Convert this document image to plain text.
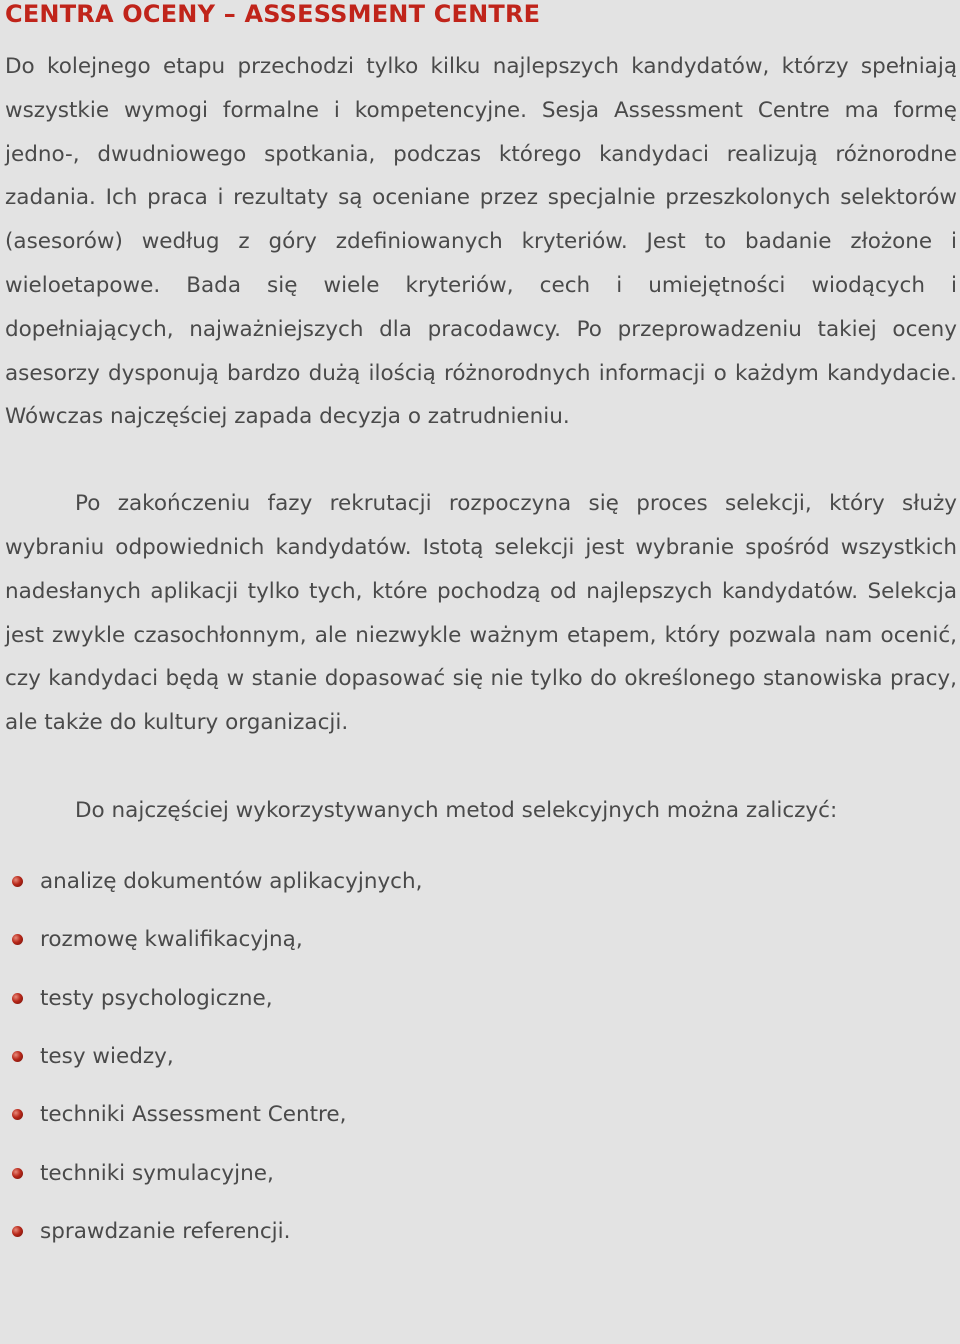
CENTRA OCENY – ASSESSMENT CENTRE

Do kolejnego etapu przechodzi tylko kilku najlepszych kandydatów, którzy spełniają wszystkie wymogi formalne i kompetencyjne. Sesja Assessment Centre ma formę jedno-, dwudniowego spotkania, podczas którego kandydaci realizują różnorodne zadania. Ich praca i rezultaty są oceniane przez specjalnie przeszkolonych selektorów (asesorów) według z góry zdefiniowanych kryteriów. Jest to badanie złożone i wieloetapowe. Bada się wiele kryteriów, cech i umiejętności wiodących i dopełniających, najważniejszych dla pracodawcy. Po przeprowadzeniu takiej oceny asesorzy dysponują bardzo dużą ilością różnorodnych informacji o każdym kandydacie. Wówczas najczęściej zapada decyzja o zatrudnieniu.

Po zakończeniu fazy rekrutacji rozpoczyna się proces selekcji, który służy wybraniu odpowiednich kandydatów. Istotą selekcji jest wybranie spośród wszystkich nadesłanych aplikacji tylko tych, które pochodzą od najlepszych kandydatów. Selekcja jest zwykle czasochłonnym, ale niezwykle ważnym etapem, który pozwala nam ocenić, czy kandydaci będą w stanie dopasować się nie tylko do określonego stanowiska pracy, ale także do kultury organizacji.

Do najczęściej wykorzystywanych metod selekcyjnych można zaliczyć:

analizę dokumentów aplikacyjnych,
rozmowę kwalifikacyjną,
testy psychologiczne,
tesy wiedzy,
techniki Assessment Centre,
techniki symulacyjne,
sprawdzanie referencji.
